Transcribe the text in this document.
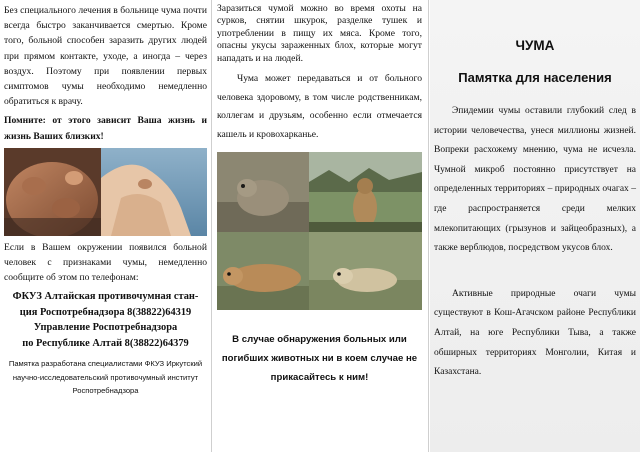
Без специального лечения в больнице чума почти всегда быстро заканчивается смертью. Кроме того, больной способен заразить других людей при прямом контакте, уходе, а иногда – через воздух. Поэтому при появлении первых симптомов чумы необходимо немедленно обратиться к врачу.

Помните: от этого зависит Ваша жизнь и жизнь Ваших близких!

Если в Вашем окружении появился больной человек с признаками чумы, немедленно сообщите об этом по телефонам:

ФКУЗ Алтайская противочумная стан-
ция Роспотребнадзора 8(38822)64319
Управление Роспотребнадзора
по Республике Алтай 8(38822)64379
Памятка разработана специалистами ФКУЗ Иркутский научно-исследовательский противочумный институт Роспотребнадзора

Заразиться чумой можно во время охоты на сурков, снятии шкурок, разделке тушек и употреблении в пищу их мяса. Кроме того, опасны укусы зараженных блох, которые могут нападать и на людей.

Чума может передаваться и от больного человека здоровому, в том числе родственникам, коллегам и друзьям, особенно если отмечается кашель и кровохарканье.

В случае обнаружения больных или погибших животных ни в коем случае не прикасайтесь к ним!
ЧУМА
Памятка для населения

Эпидемии чумы оставили глубокий след в истории человечества, унеся миллионы жизней. Вопреки расхожему мнению, чума не исчезла. Чумной микроб постоянно присутствует на определенных территориях – природных очагах – где распространяется среди мелких млекопитающих (грызунов и зайцеобразных), а также верблюдов, посредством укусов блох.

Активные природные очаги чумы существуют в Кош-Агачском районе Республики Алтай, на юге Республики Тыва, а также обширных территориях Монголии, Китая и Казахстана.
